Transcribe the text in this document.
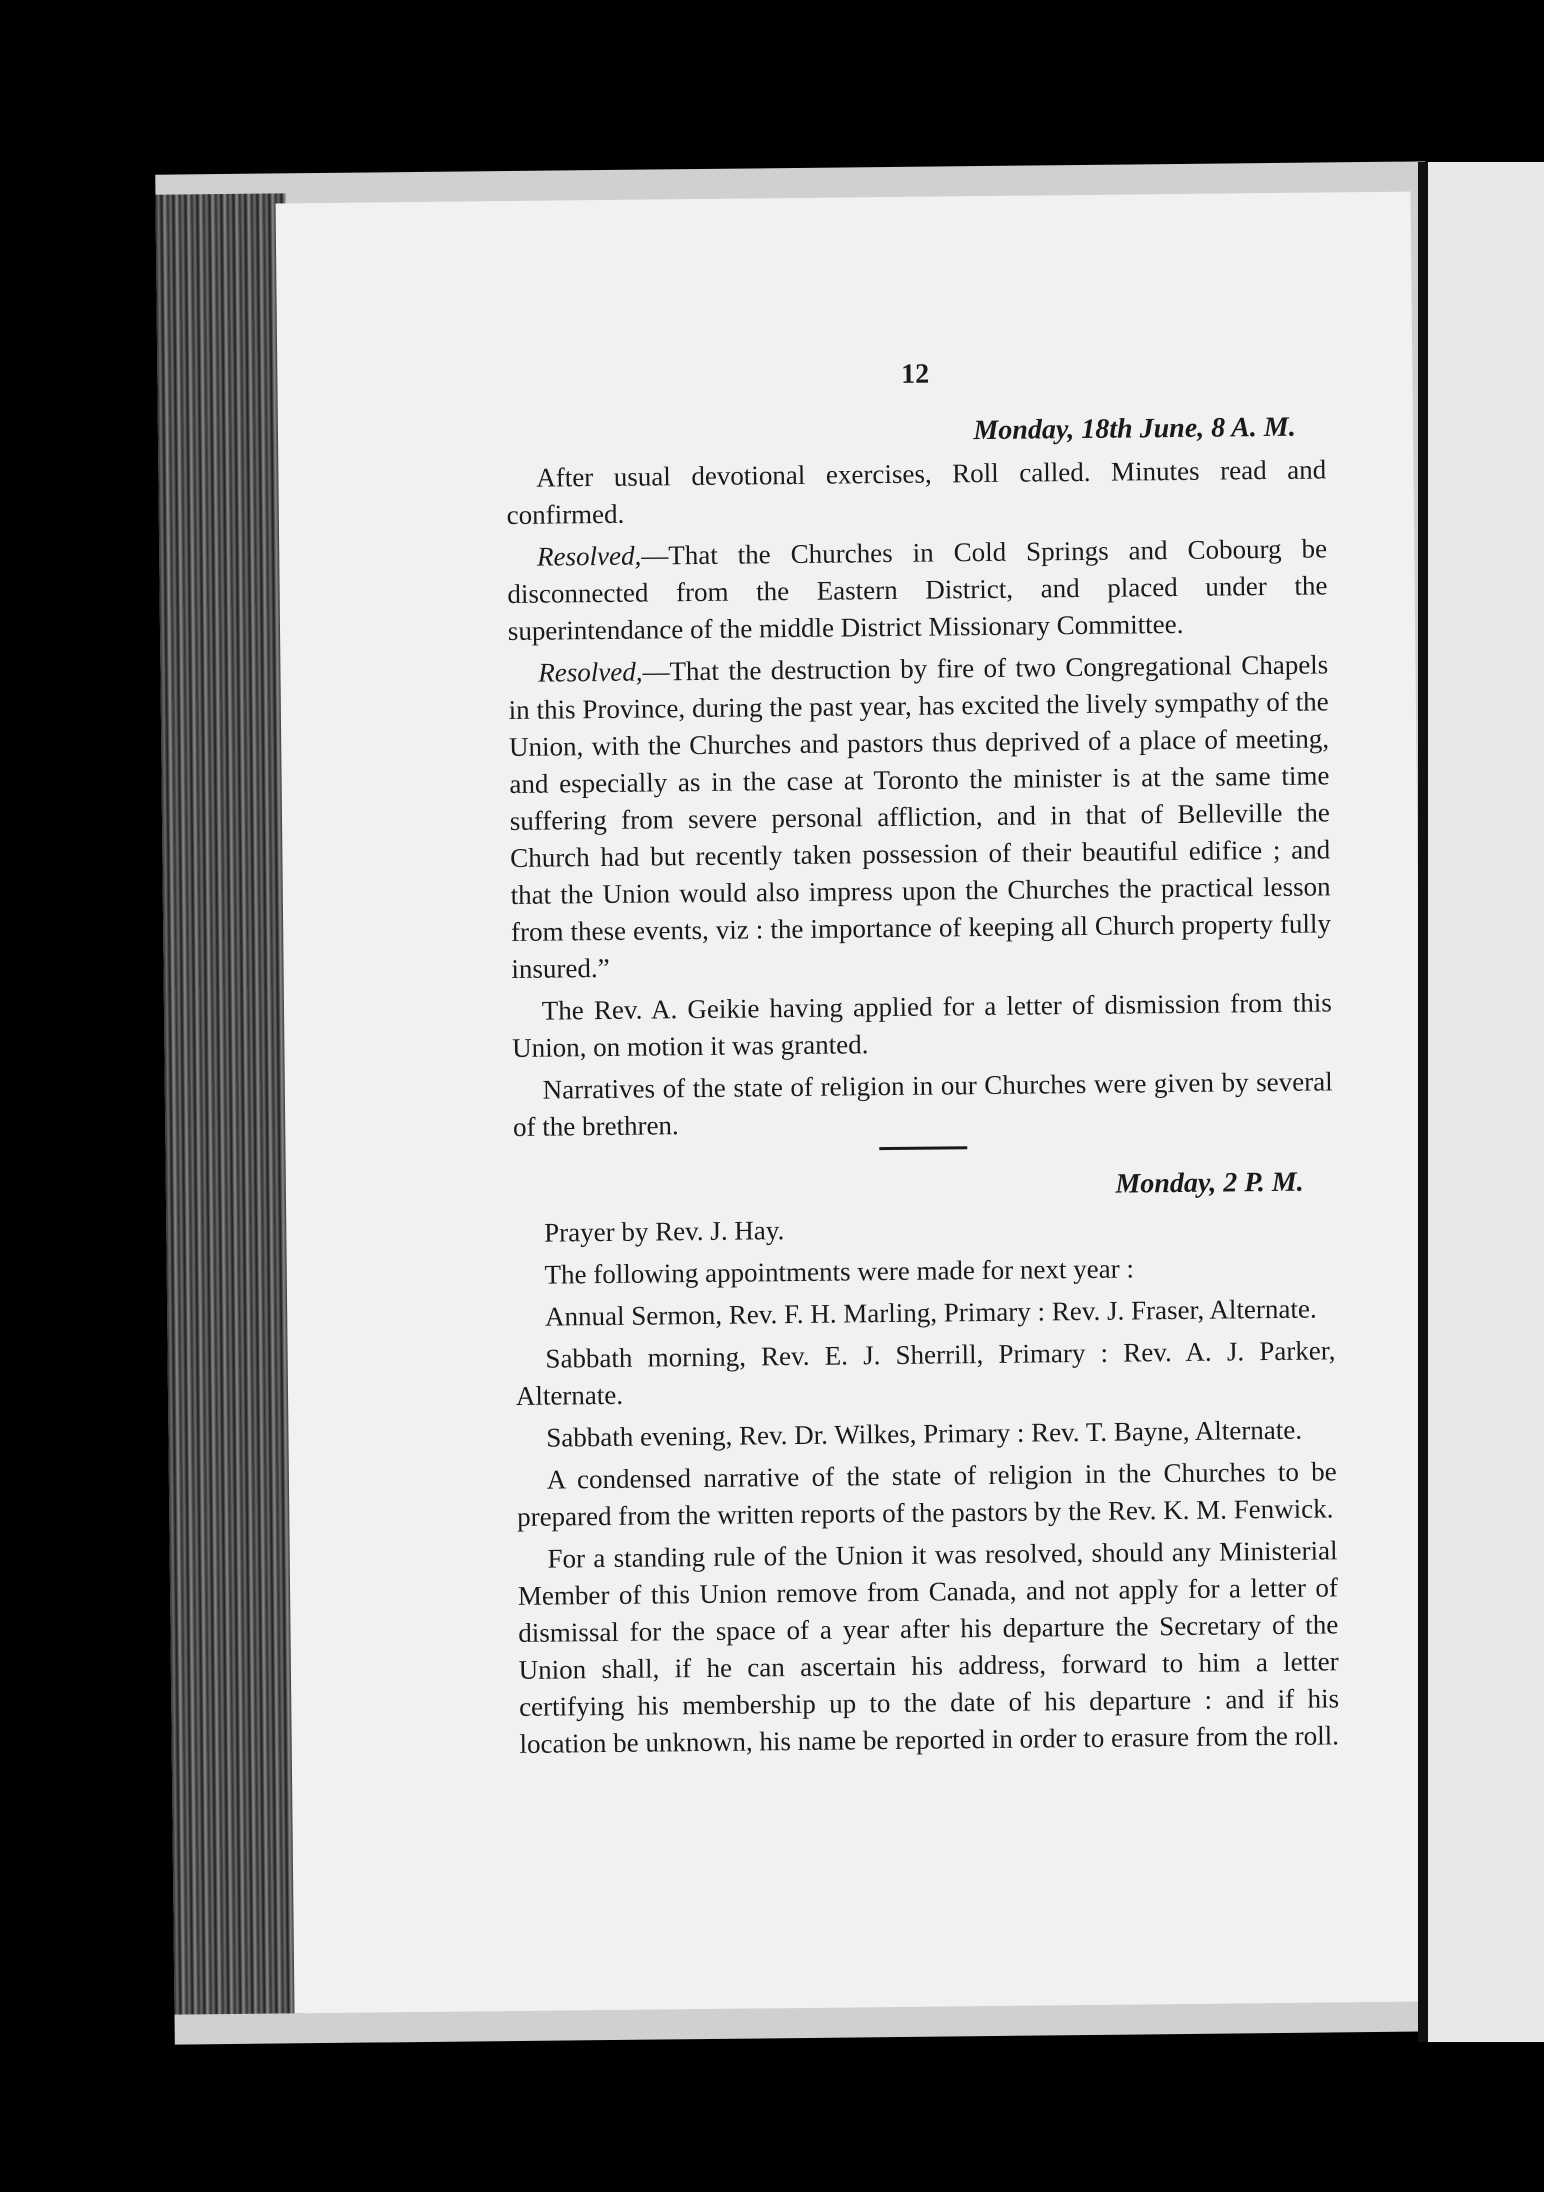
12
Monday, 18th June, 8 A. M.

After usual devotional exercises, Roll called. Minutes read and confirmed.

Resolved,—That the Churches in Cold Springs and Cobourg be disconnected from the Eastern District, and placed under the superintendance of the middle District Missionary Committee.

Resolved,—That the destruction by fire of two Congregational Chapels in this Province, during the past year, has excited the lively sympathy of the Union, with the Churches and pastors thus deprived of a place of meeting, and especially as in the case at Toronto the minister is at the same time suffering from severe personal affliction, and in that of Belleville the Church had but recently taken possession of their beautiful edifice ; and that the Union would also impress upon the Churches the practical lesson from these events, viz : the importance of keeping all Church property fully insured.”

The Rev. A. Geikie having applied for a letter of dismission from this Union, on motion it was granted.

Narratives of the state of religion in our Churches were given by several of the brethren.

Monday, 2 P. M.

Prayer by Rev. J. Hay.

The following appointments were made for next year :

Annual Sermon, Rev. F. H. Marling, Primary : Rev. J. Fraser, Alternate.

Sabbath morning, Rev. E. J. Sherrill, Primary : Rev. A. J. Parker, Alternate.

Sabbath evening, Rev. Dr. Wilkes, Primary : Rev. T. Bayne, Alternate.

A condensed narrative of the state of religion in the Churches to be prepared from the written reports of the pastors by the Rev. K. M. Fenwick.

For a standing rule of the Union it was resolved, should any Ministerial Member of this Union remove from Canada, and not apply for a letter of dismissal for the space of a year after his departure the Secretary of the Union shall, if he can ascertain his address, forward to him a letter certifying his membership up to the date of his departure : and if his location be unknown, his name be reported in order to erasure from the roll.
